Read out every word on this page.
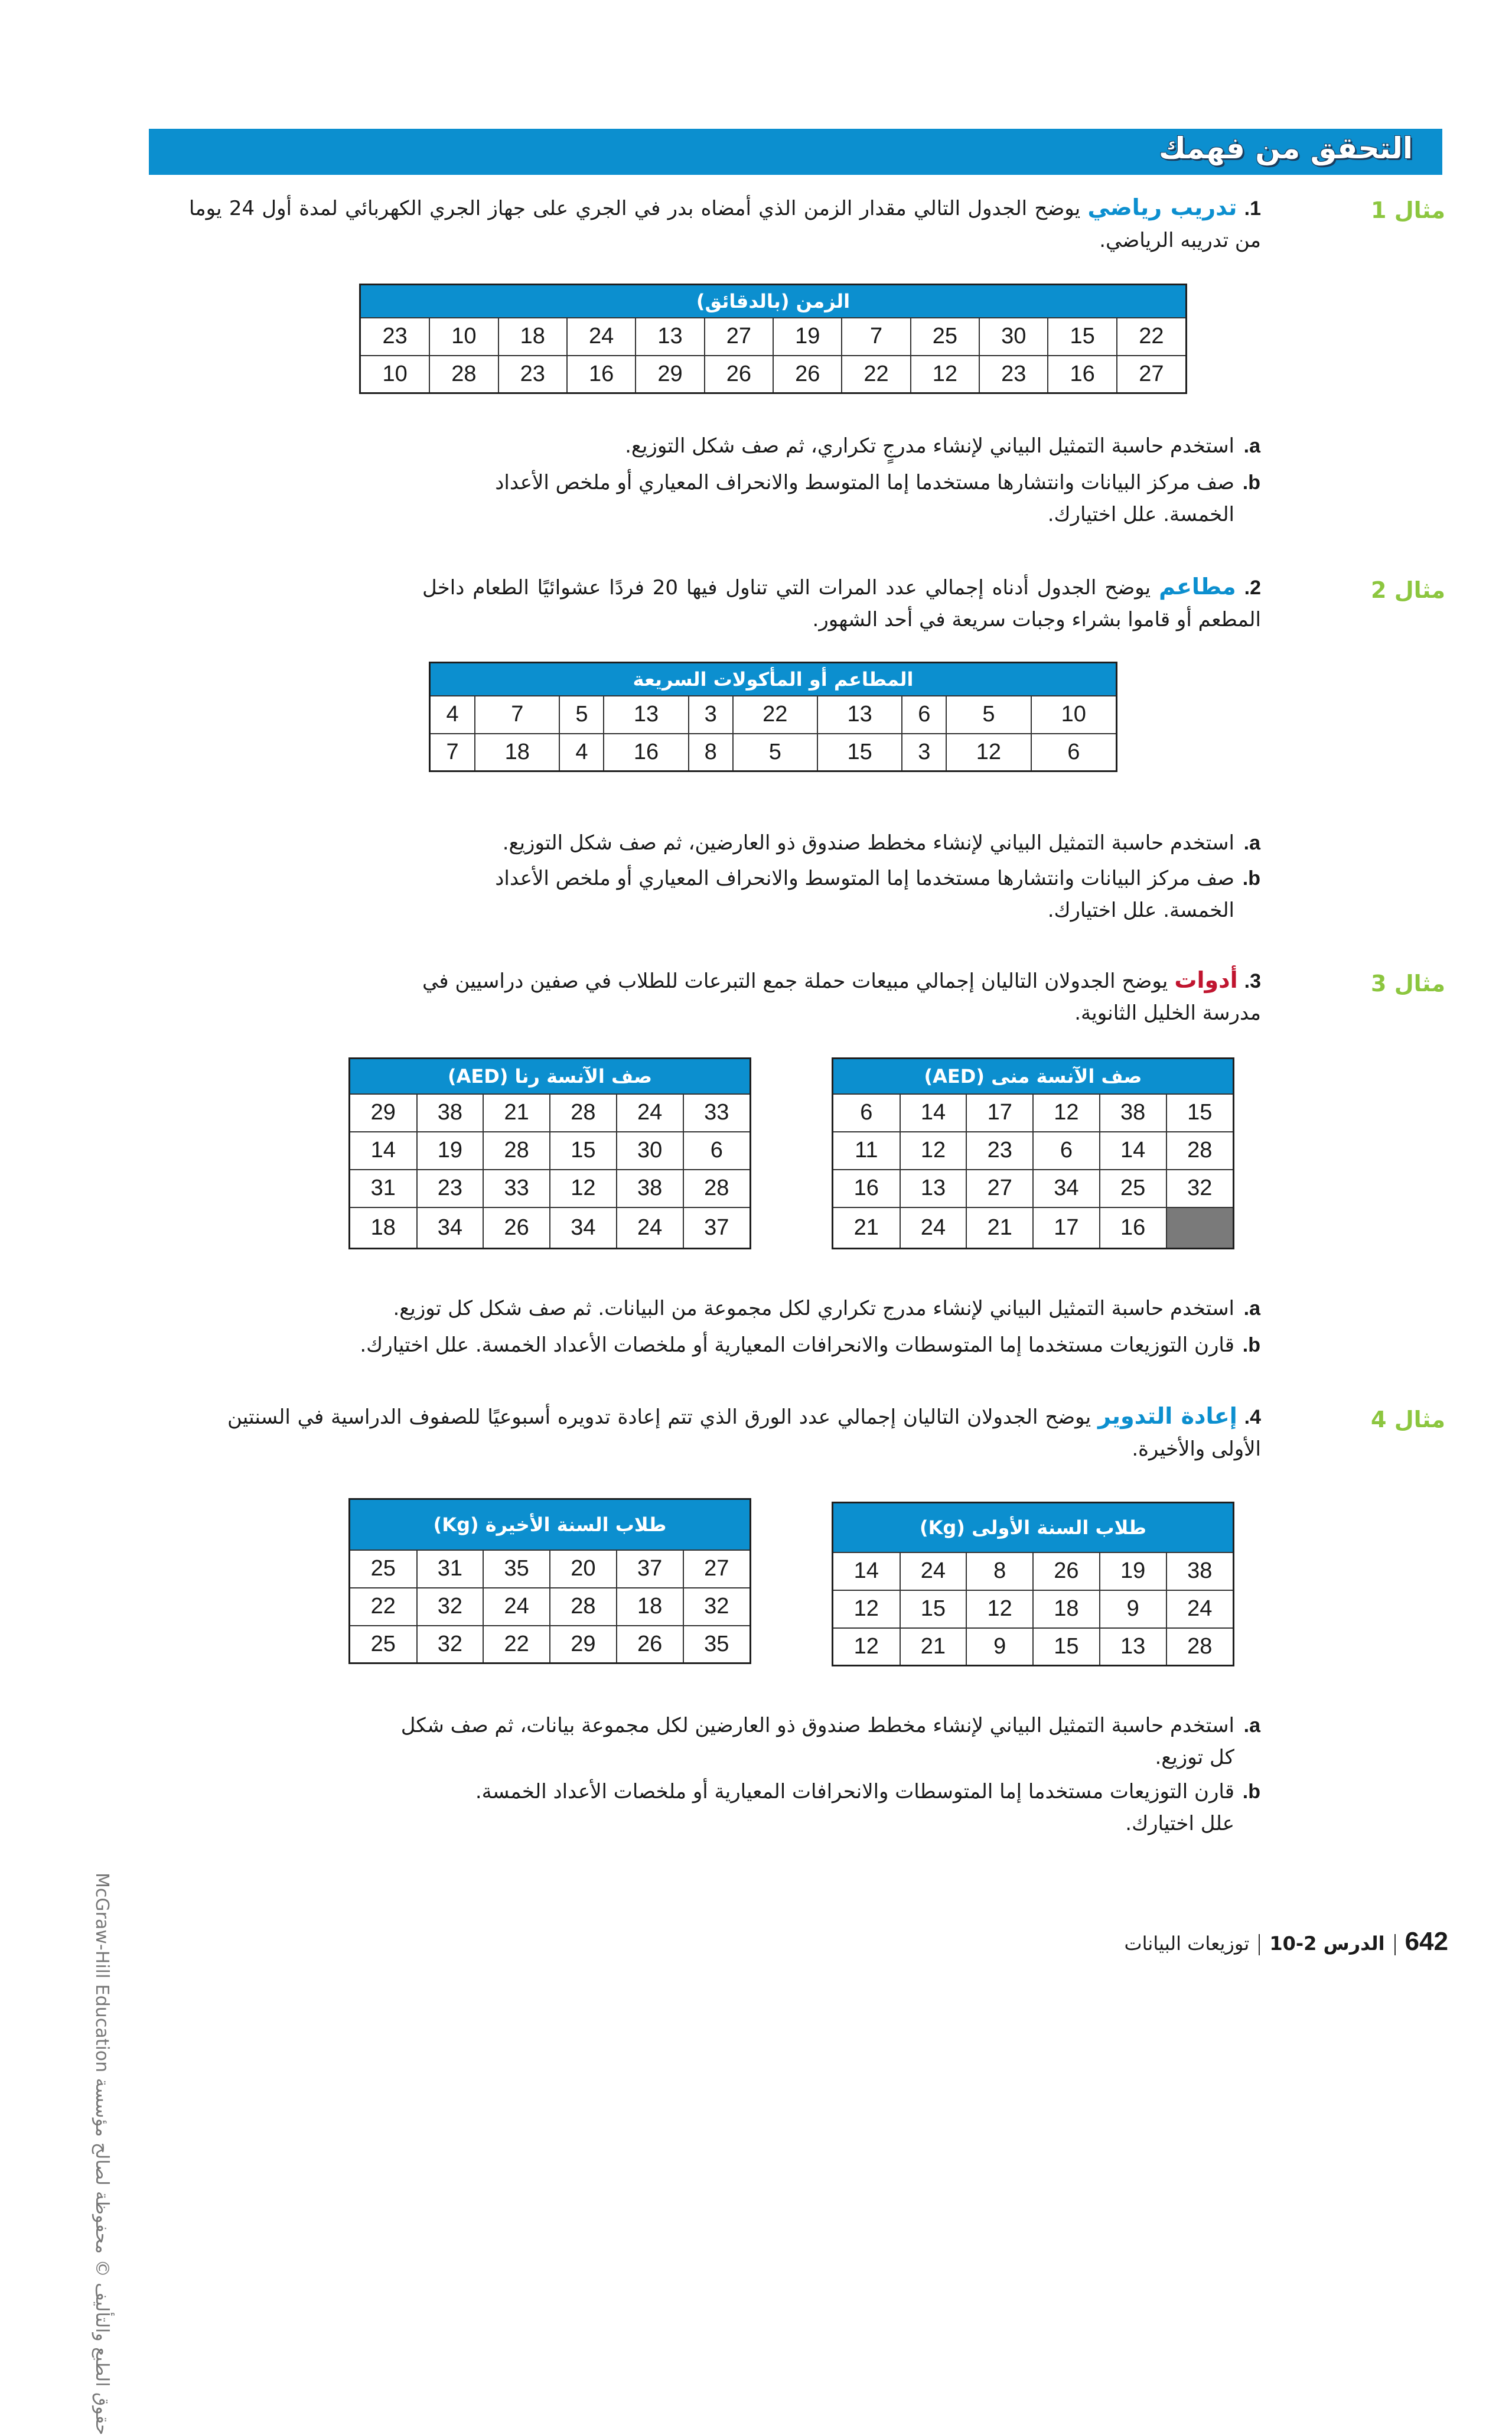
التحقق من فهمك
مثال 1
1. تدريب رياضي يوضح الجدول التالي مقدار الزمن الذي أمضاه بدر في الجري على جهاز الجري الكهربائي لمدة أول 24 يوما من تدريبه الرياضي.
الزمن (بالدقائق)											
22	15	30	25	7	19	27	13	24	18	10	23
27	16	23	12	22	26	26	29	16	23	28	10
a.
استخدم حاسبة التمثيل البياني لإنشاء مدرجٍ تكراري، ثم صف شكل التوزيع.
b.
صف مركز البيانات وانتشارها مستخدما إما المتوسط والانحراف المعياري أو ملخص الأعداد الخمسة. علل اختيارك.
مثال 2
2. مطاعم يوضح الجدول أدناه إجمالي عدد المرات التي تناول فيها 20 فردًا عشوائيًا الطعام داخل المطعم أو قاموا بشراء وجبات سريعة في أحد الشهور.
المطاعم أو المأكولات السريعة									
10	5	6	13	22	3	13	5	7	4
6	12	3	15	5	8	16	4	18	7
a.
استخدم حاسبة التمثيل البياني لإنشاء مخطط صندوق ذو العارضين، ثم صف شكل التوزيع.
b.
صف مركز البيانات وانتشارها مستخدما إما المتوسط والانحراف المعياري أو ملخص الأعداد الخمسة. علل اختيارك.
مثال 3
3. أدوات يوضح الجدولان التاليان إجمالي مبيعات حملة جمع التبرعات للطلاب في صفين دراسيين في مدرسة الخليل الثانوية.
صف الآنسة منى (AED)					
15	38	12	17	14	6
28	14	6	23	12	11
32	25	34	27	13	16
	16	17	21	24	21
صف الآنسة رنا (AED)					
33	24	28	21	38	29
6	30	15	28	19	14
28	38	12	33	23	31
37	24	34	26	34	18
a.
استخدم حاسبة التمثيل البياني لإنشاء مدرج تكراري لكل مجموعة من البيانات. ثم صف شكل كل توزيع.
b.
قارن التوزيعات مستخدما إما المتوسطات والانحرافات المعيارية أو ملخصات الأعداد الخمسة. علل اختيارك.
مثال 4
4. إعادة التدوير يوضح الجدولان التاليان إجمالي عدد الورق الذي تتم إعادة تدويره أسبوعيًا للصفوف الدراسية في السنتين الأولى والأخيرة.
طلاب السنة الأولى (Kg)					
38	19	26	8	24	14
24	9	18	12	15	12
28	13	15	9	21	12
طلاب السنة الأخيرة (Kg)					
27	37	20	35	31	25
32	18	28	24	32	22
35	26	29	22	32	25
a.
استخدم حاسبة التمثيل البياني لإنشاء مخطط صندوق ذو العارضين لكل مجموعة بيانات، ثم صف شكل كل توزيع.
b.
قارن التوزيعات مستخدما إما المتوسطات والانحرافات المعيارية أو ملخصات الأعداد الخمسة. علل اختيارك.
حقوق الطبع والتأليف © محفوظة لصالح مؤسسة McGraw-Hill Education
642الدرس 2-10توزيعات البيانات
